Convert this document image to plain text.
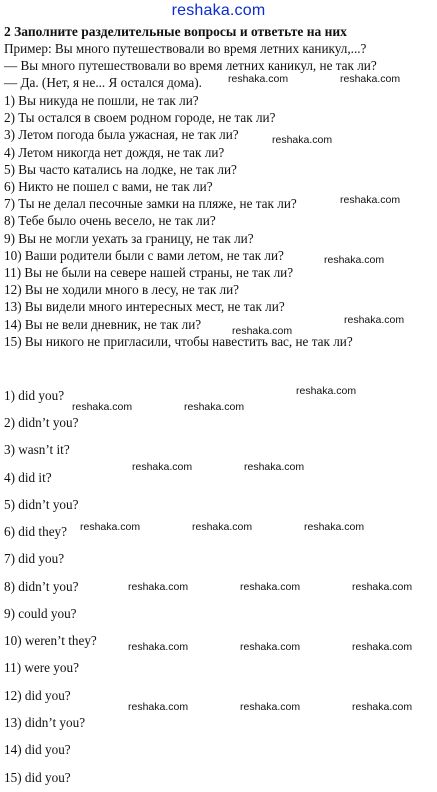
reshaka.com
2 Заполните разделительные вопросы и ответьте на них
Пример: Вы много путешествовали во время летних каникул,...?
— Вы много путешествовали во время летних каникул, не так ли?
— Да. (Нет, я не... Я остался дома).
1) Вы никуда не пошли, не так ли?
2) Ты остался в своем родном городе, не так ли?
3) Летом погода была ужасная, не так ли?
4) Летом никогда нет дождя, не так ли?
5) Вы часто катались на лодке, не так ли?
6) Никто не пошел с вами, не так ли?
7) Ты не делал песочные замки на пляже, не так ли?
8) Тебе было очень весело, не так ли?
9) Вы не могли уехать за границу, не так ли?
10) Ваши родители были с вами летом, не так ли?
11) Вы не были на севере нашей страны, не так ли?
12) Вы не ходили много в лесу, не так ли?
13) Вы видели много интересных мест, не так ли?
14) Вы не вели дневник, не так ли?
15) Вы никого не пригласили, чтобы навестить вас, не так ли?
1) did you?
2) didn’t you?
3) wasn’t it?
4) did it?
5) didn’t you?
6) did they?
7) did you?
8) didn’t you?
9) could you?
10) weren’t they?
11) were you?
12) did you?
13) didn’t you?
14) did you?
15) did you?
reshaka.com	reshaka.com
reshaka.com
reshaka.com
reshaka.com
reshaka.com
reshaka.com
reshaka.com
reshaka.com	reshaka.com
reshaka.com	reshaka.com
reshaka.com	reshaka.com	reshaka.com
reshaka.com	reshaka.com	reshaka.com
reshaka.com	reshaka.com	reshaka.com
reshaka.com	reshaka.com	reshaka.com
